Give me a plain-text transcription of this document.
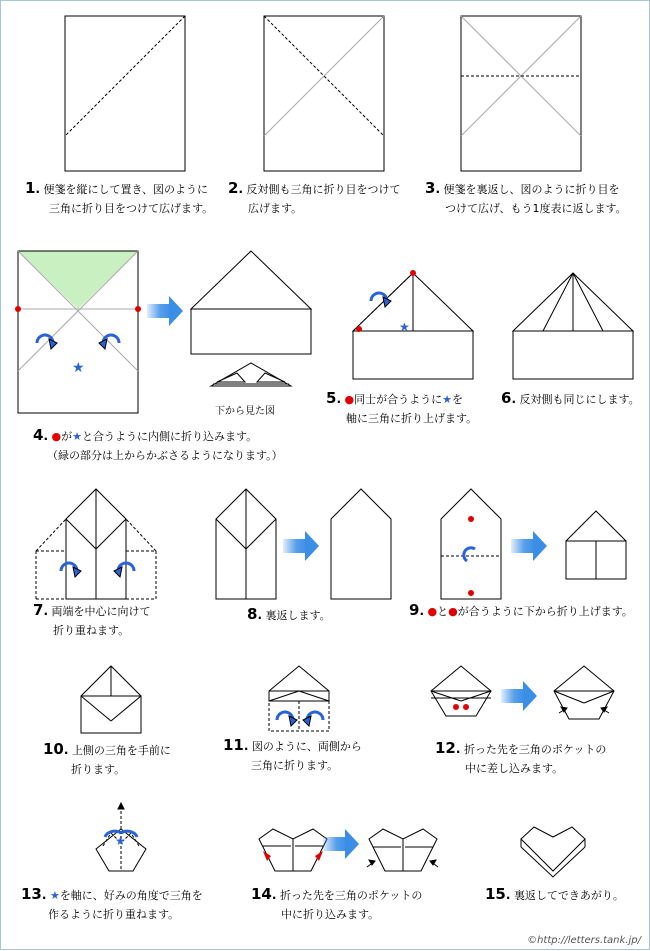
★
★
★
1. 便箋を縦にして置き、図のように
三角に折り目をつけて広げます。
2. 反対側も三角に折り目をつけて
広げます。
3. 便箋を裏返し、図のように折り目を
つけて広げ、もう1度表に返します。
下から見た図
4. ●が★と合うように内側に折り込みます。
（緑の部分は上からかぶさるようになります。）
5. ●同士が合うように★を
軸に三角に折り上げます。
6. 反対側も同じにします。
7. 両端を中心に向けて
折り重ねます。
8. 裏返します。	9. ●と●が合うように下から折り上げます。
10. 上側の三角を手前に
折ります。
11. 図のように、両側から
三角に折ります。
12. 折った先を三角のポケットの
中に差し込みます。
13. ★を軸に、好みの角度で三角を
作るように折り重ねます。
14. 折った先を三角のポケットの
中に折り込みます。
15. 裏返してできあがり。
©http://letters.tank.jp/
